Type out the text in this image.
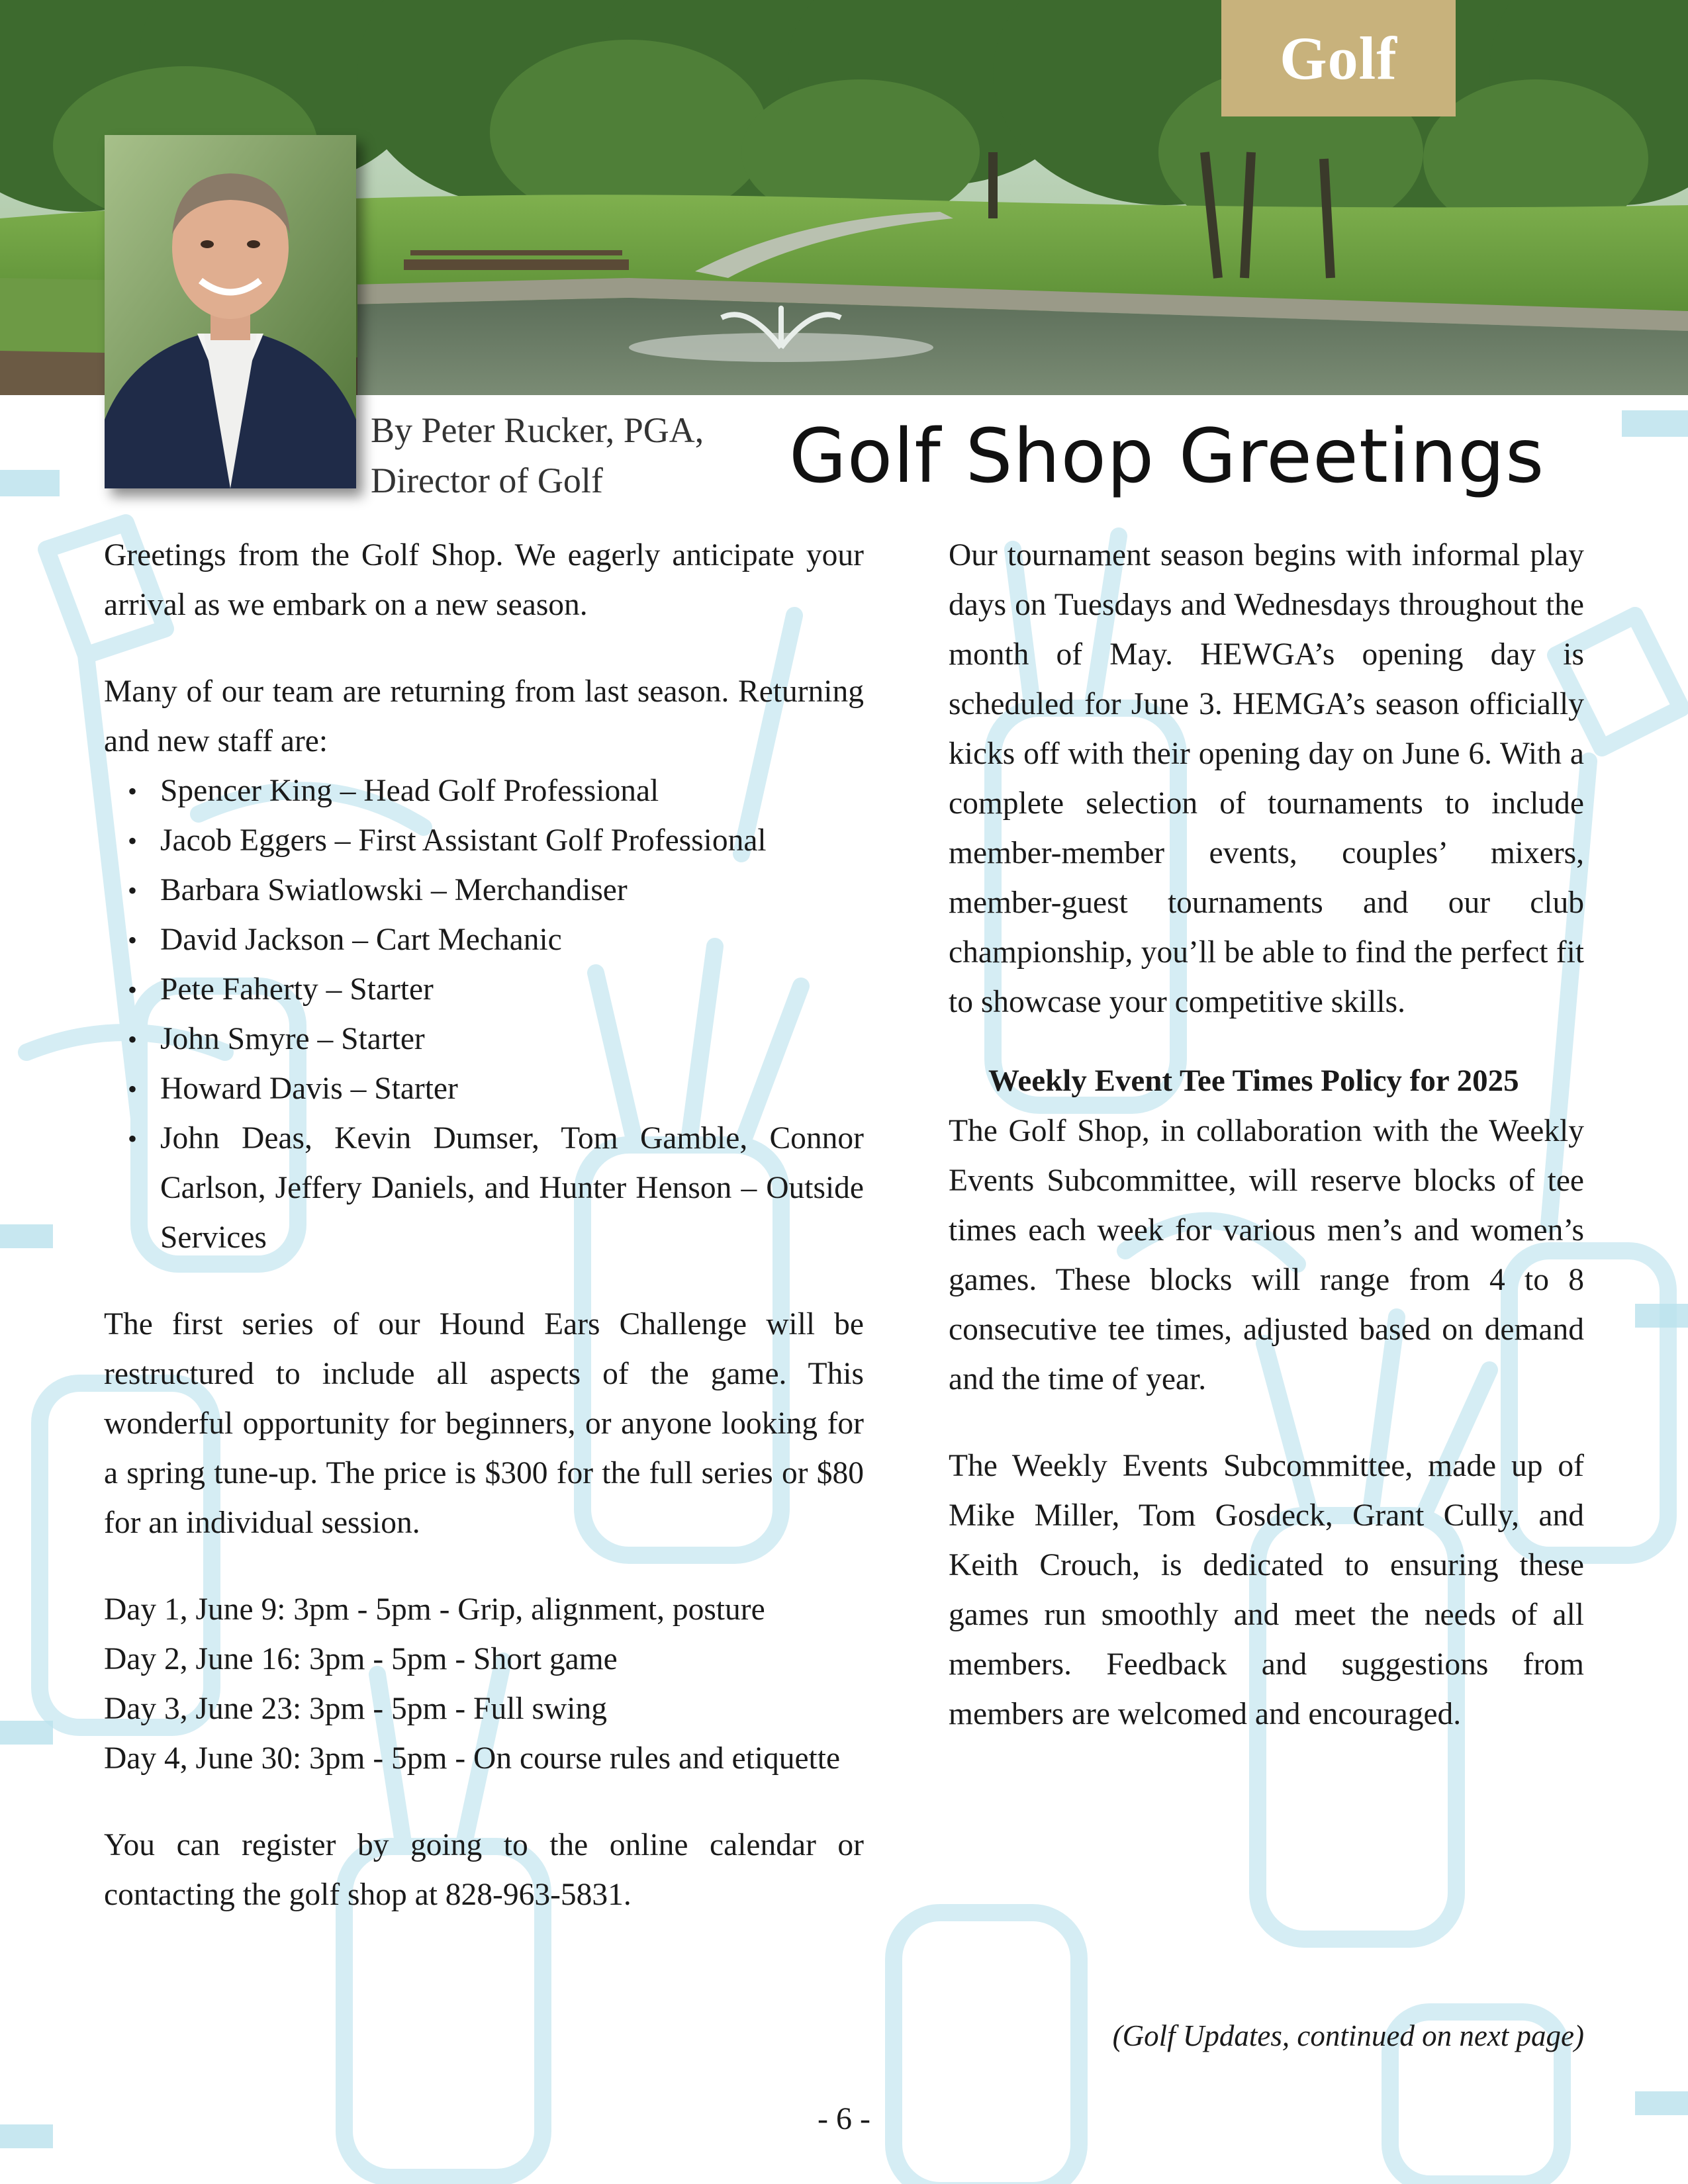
Golf
By Peter Rucker, PGA,
Director of Golf	Golf Shop Greetings

Greetings from the Golf Shop. We eagerly anticipate your arrival as we embark on a new season.

Many of our team are returning from last season. Returning and new staff are:

• Spencer King – Head Golf Professional
• Jacob Eggers – First Assistant Golf Professional
• Barbara Swiatlowski – Merchandiser
• David Jackson – Cart Mechanic
• Pete Faherty – Starter
• John Smyre – Starter
• Howard Davis – Starter
• John Deas, Kevin Dumser, Tom Gamble, Connor Carlson, Jeffery Daniels, and Hunter Henson – Outside Services

The first series of our Hound Ears Challenge will be restructured to include all aspects of the game. This wonderful opportunity for beginners, or anyone looking for a spring tune-up. The price is $300 for the full series or $80 for an individual session.

Day 1, June 9: 3pm - 5pm - Grip, alignment, posture
Day 2, June 16: 3pm - 5pm - Short game
Day 3, June 23: 3pm - 5pm - Full swing
Day 4, June 30: 3pm - 5pm - On course rules and etiquette

You can register by going to the online calendar or contacting the golf shop at 828-963-5831.

Our tournament season begins with informal play days on Tuesdays and Wednesdays throughout the month of May. HEWGA’s opening day is scheduled for June 3. HEMGA’s season officially kicks off with their opening day on June 6. With a complete selection of tournaments to include member-member events, couples’ mixers, member-guest tournaments and our club championship, you’ll be able to find the perfect fit to showcase your competitive skills.

Weekly Event Tee Times Policy for 2025

The Golf Shop, in collaboration with the Weekly Events Subcommittee, will reserve blocks of tee times each week for various men’s and women’s games. These blocks will range from 4 to 8 consecutive tee times, adjusted based on demand and the time of year.

The Weekly Events Subcommittee, made up of Mike Miller, Tom Gosdeck, Grant Cully, and Keith Crouch, is dedicated to ensuring these games run smoothly and meet the needs of all members. Feedback and suggestions from members are welcomed and encouraged.

(Golf Updates, continued on next page)
- 6 -
